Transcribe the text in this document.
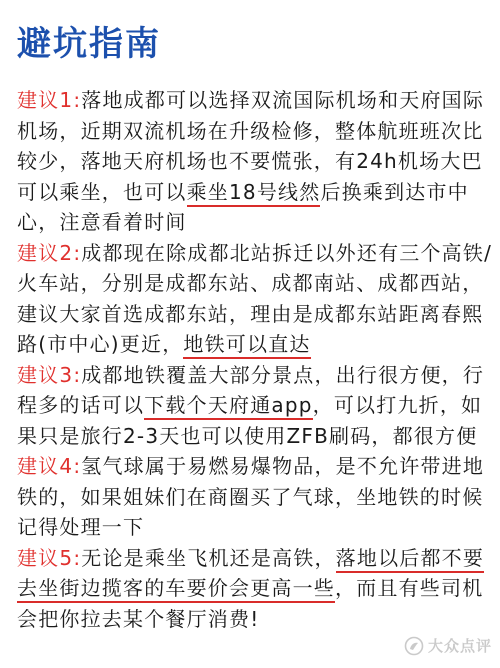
避坑指南
建议1:落地成都可以选择双流国际机场和天府国际
机场，近期双流机场在升级检修，整体航班班次比
较少，落地天府机场也不要慌张，有24h机场大巴
可以乘坐，也可以乘坐18号线然后换乘到达市中
心，注意看着时间
建议2:成都现在除成都北站拆迁以外还有三个高铁/
火车站，分别是成都东站、成都南站、成都西站，
建议大家首选成都东站，理由是成都东站距离春熙
路(市中心)更近，地铁可以直达
建议3:成都地铁覆盖大部分景点，出行很方便，行
程多的话可以下载个天府通app，可以打九折，如
果只是旅行2-3天也可以使用ZFB刷码，都很方便
建议4:氢气球属于易燃易爆物品，是不允许带进地
铁的，如果姐妹们在商圈买了气球，坐地铁的时候
记得处理一下
建议5:无论是乘坐飞机还是高铁，落地以后都不要
去坐街边揽客的车要价会更高一些，而且有些司机
会把你拉去某个餐厅消费!
大众点评
